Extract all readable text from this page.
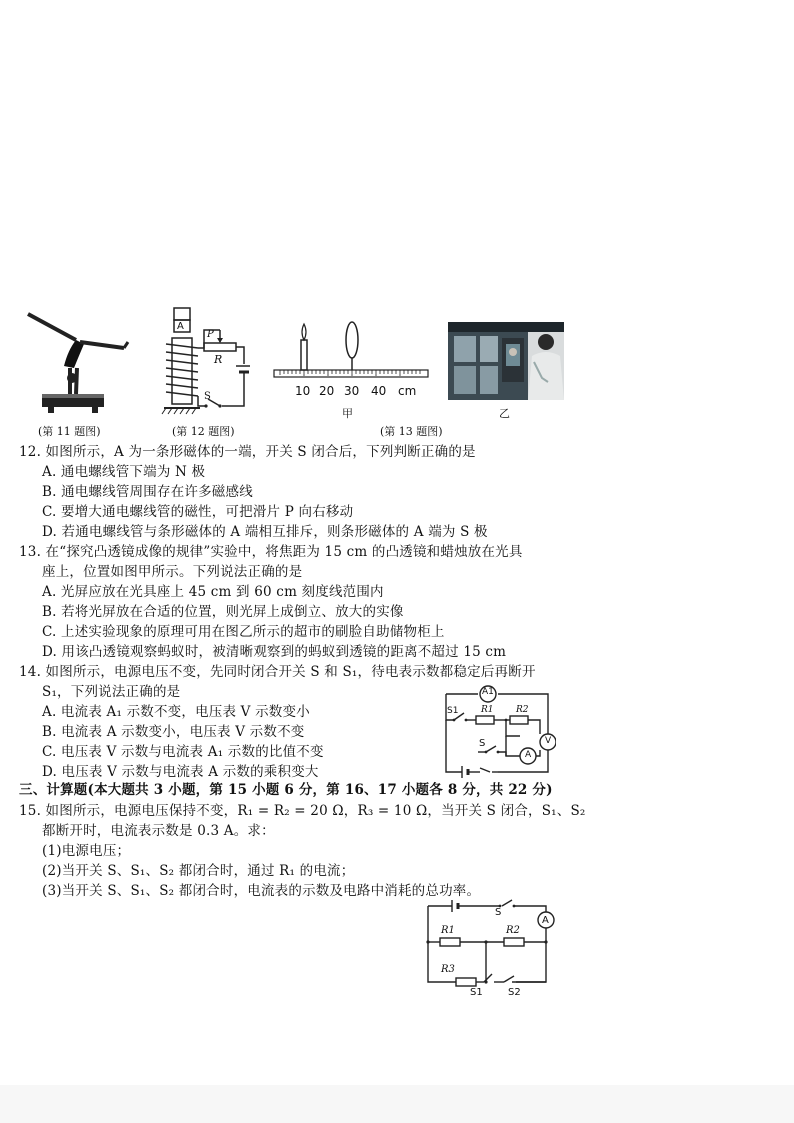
(第 11 题图)
A
P
R
S
(第 12 题图)
10 20 30 40 cm
甲
(第 13 题图)
乙
12. 如图所示，A 为一条形磁体的一端，开关 S 闭合后，下列判断正确的是
A. 通电螺线管下端为 N 极
B. 通电螺线管周围存在许多磁感线
C. 要增大通电螺线管的磁性，可把滑片 P 向右移动
D. 若通电螺线管与条形磁体的 A 端相互排斥，则条形磁体的 A 端为 S 极
13. 在“探究凸透镜成像的规律”实验中，将焦距为 15 cm 的凸透镜和蜡烛放在光具
座上，位置如图甲所示。下列说法正确的是
A. 光屏应放在光具座上 45 cm 到 60 cm 刻度线范围内
B. 若将光屏放在合适的位置，则光屏上成倒立、放大的实像
C. 上述实验现象的原理可用在图乙所示的超市的刷脸自助储物柜上
D. 用该凸透镜观察蚂蚁时，被清晰观察到的蚂蚁到透镜的距离不超过 15 cm
14. 如图所示，电源电压不变，先同时闭合开关 S 和 S₁，待电表示数都稳定后再断开
S₁，下列说法正确的是
A. 电流表 A₁ 示数不变，电压表 V 示数变小
B. 电流表 A 示数变小，电压表 V 示数不变
C. 电压表 V 示数与电流表 A₁ 示数的比值不变
D. 电压表 V 示数与电流表 A 示数的乘积变大
A1
S1	R1 R2
V
A
S
三、计算题(本大题共 3 小题，第 15 小题 6 分，第 16、17 小题各 8 分，共 22 分)
15. 如图所示，电源电压保持不变，R₁ = R₂ = 20 Ω，R₃ = 10 Ω，当开关 S 闭合，S₁、S₂
都断开时，电流表示数是 0.3 A。求：
(1)电源电压；
(2)当开关 S、S₁、S₂ 都闭合时，通过 R₁ 的电流；
(3)当开关 S、S₁、S₂ 都闭合时，电流表的示数及电路中消耗的总功率。
S
A
R1	R2
R3
S1	S2
